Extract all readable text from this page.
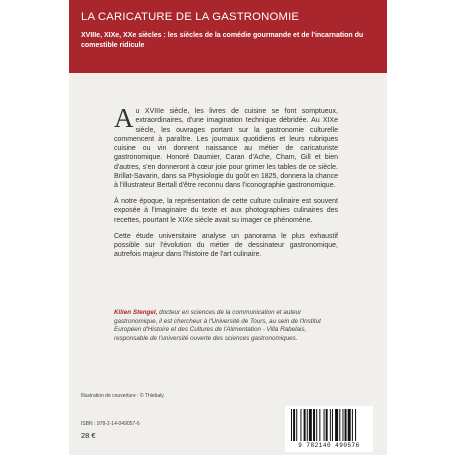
LA CARICATURE DE LA GASTRONOMIE
XVIIIe, XIXe, XXe siècles : les siècles de la comédie gourmande et de l'incarnation du comestible ridicule

Au XVIIIe siècle, les livres de cuisine se font somptueux, extraordinaires, d'une imagination technique débridée. Au XIXe siècle, les ouvrages portant sur la gastronomie culturelle commencent à paraître. Les journaux quotidiens et leurs rubriques cuisine ou vin donnent naissance au métier de caricaturiste gastronomique. Honoré Daumier, Caran d'Ache, Cham, Gill et bien d'autres, s'en donneront à cœur joie pour grimer les tables de ce siècle. Brillat-Savarin, dans sa Physiologie du goût en 1825, donnera la chance à l'illustrateur Bertall d'être reconnu dans l'iconographie gastronomique.

À notre époque, la représentation de cette culture culinaire est souvent exposée à l'imaginaire du texte et aux photographies culinaires des recettes, pourtant le XIXe siècle avait su imager ce phénomène.

Cette étude universitaire analyse un panorama le plus exhaustif possible sur l'évolution du métier de dessinateur gastronomique, autrefois majeur dans l'histoire de l'art culinaire.

Kilien Stengel, docteur en sciences de la communication et auteur gastronomique, il est chercheur à l'Université de Tours, au sein de l'Institut Européen d'Histoire et des Cultures de l'Alimentation - Villa Rabelais, responsable de l'université ouverte des sciences gastronomiques.
Illustration de couverture : © Thiebaly.
ISBN : 978-2-14-049057-6
28 €
9 782140 490576
